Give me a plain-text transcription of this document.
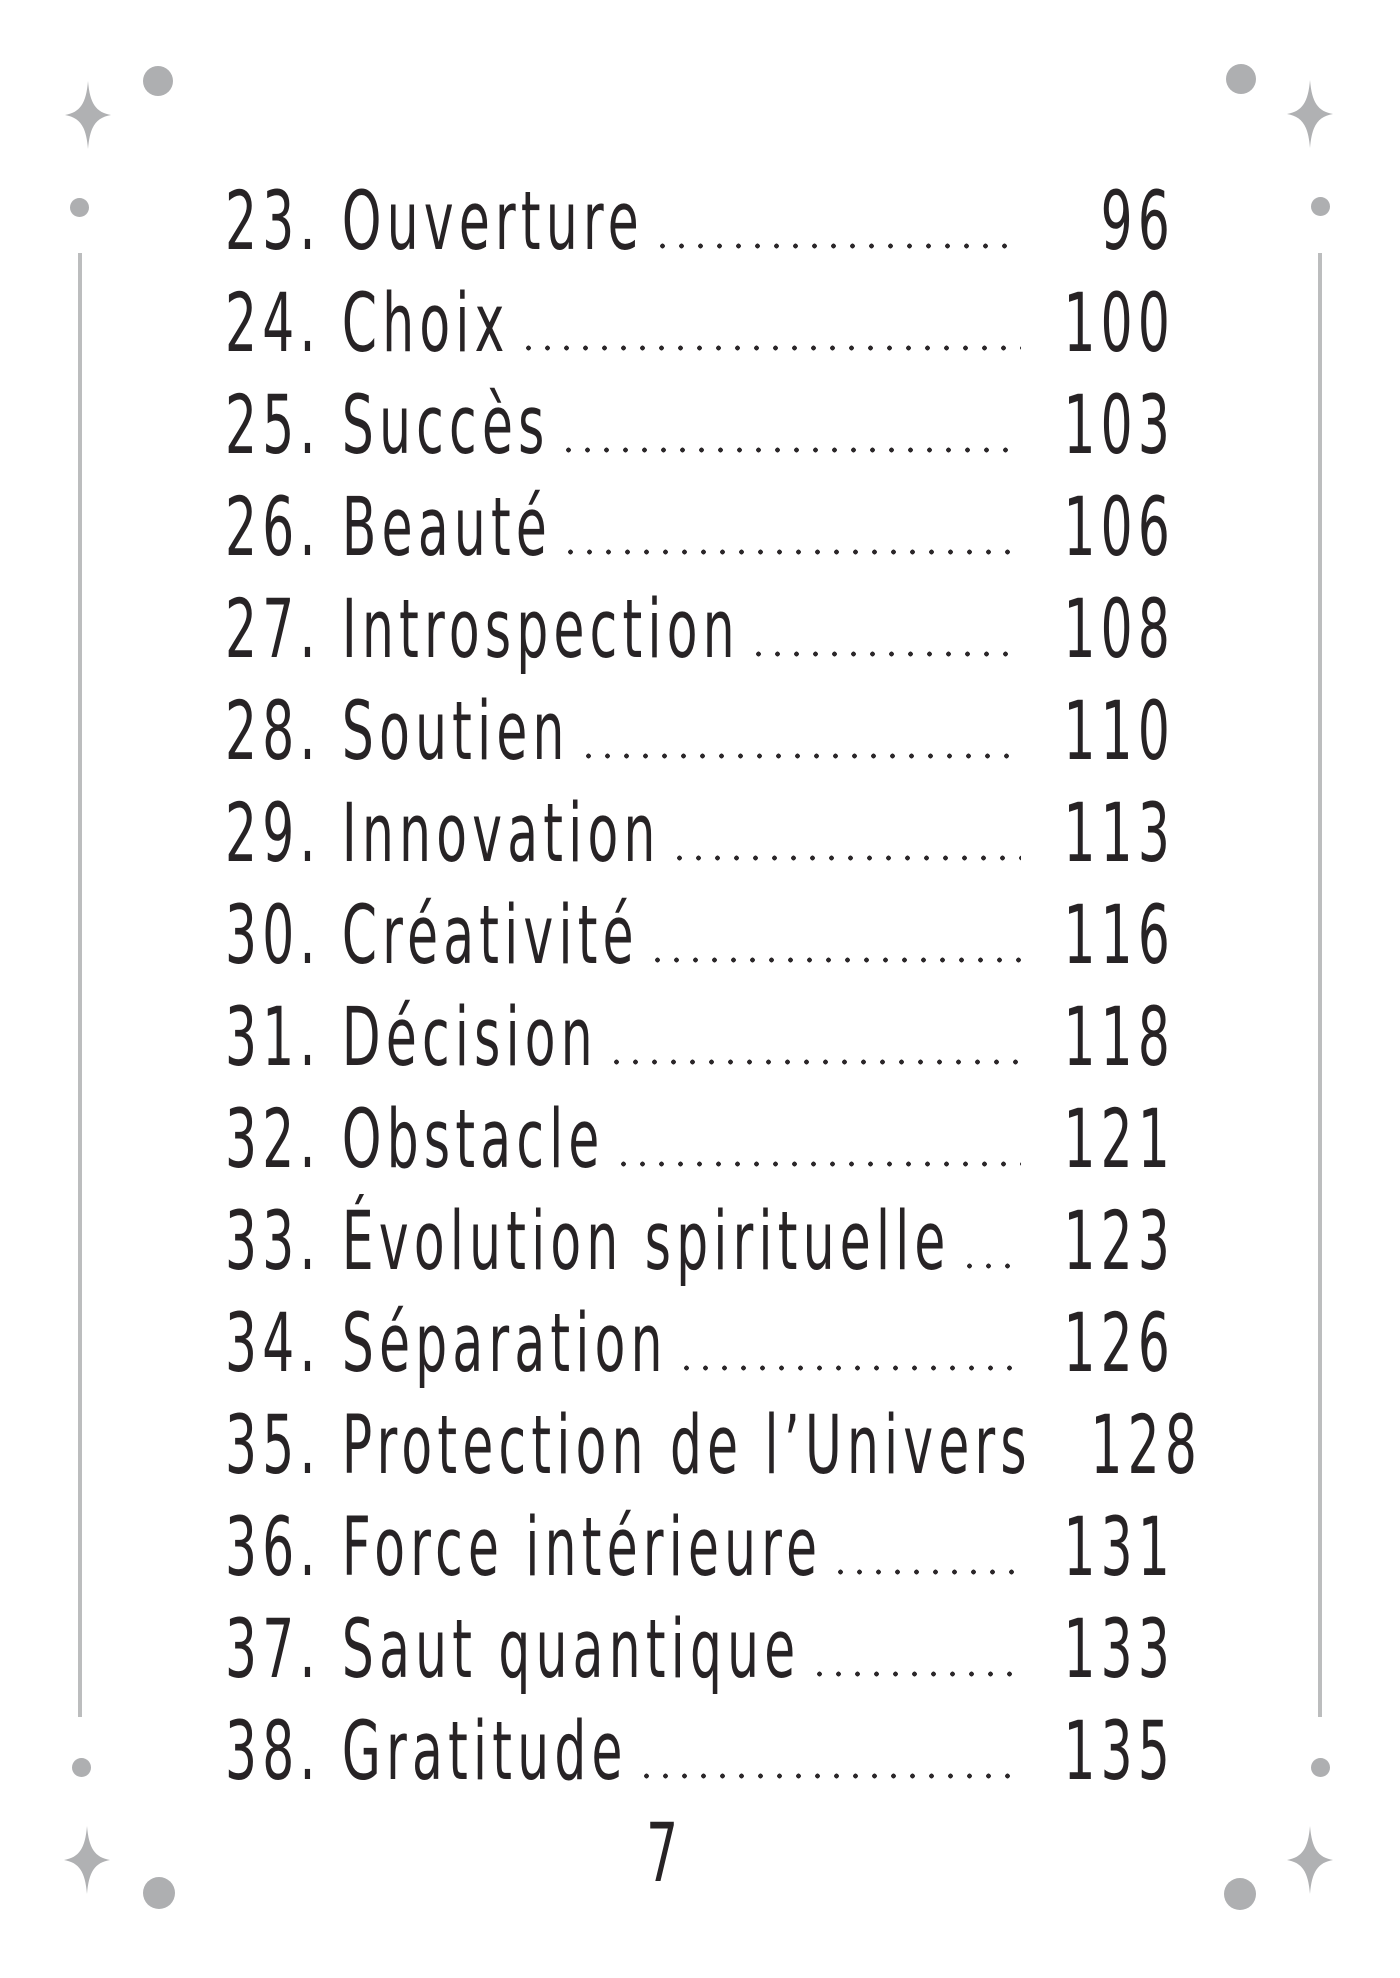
23. Ouverture	96
24. Choix	100
25. Succès	103
26. Beauté	106
27. Introspection	108
28. Soutien	110
29. Innovation	113
30. Créativité	116
31. Décision	118
32. Obstacle	121
33. Évolution spirituelle 123
34. Séparation	126
35. Protection de l’Univers 128
36. Force intérieure	131
37. Saut quantique	133
38. Gratitude	135
7
